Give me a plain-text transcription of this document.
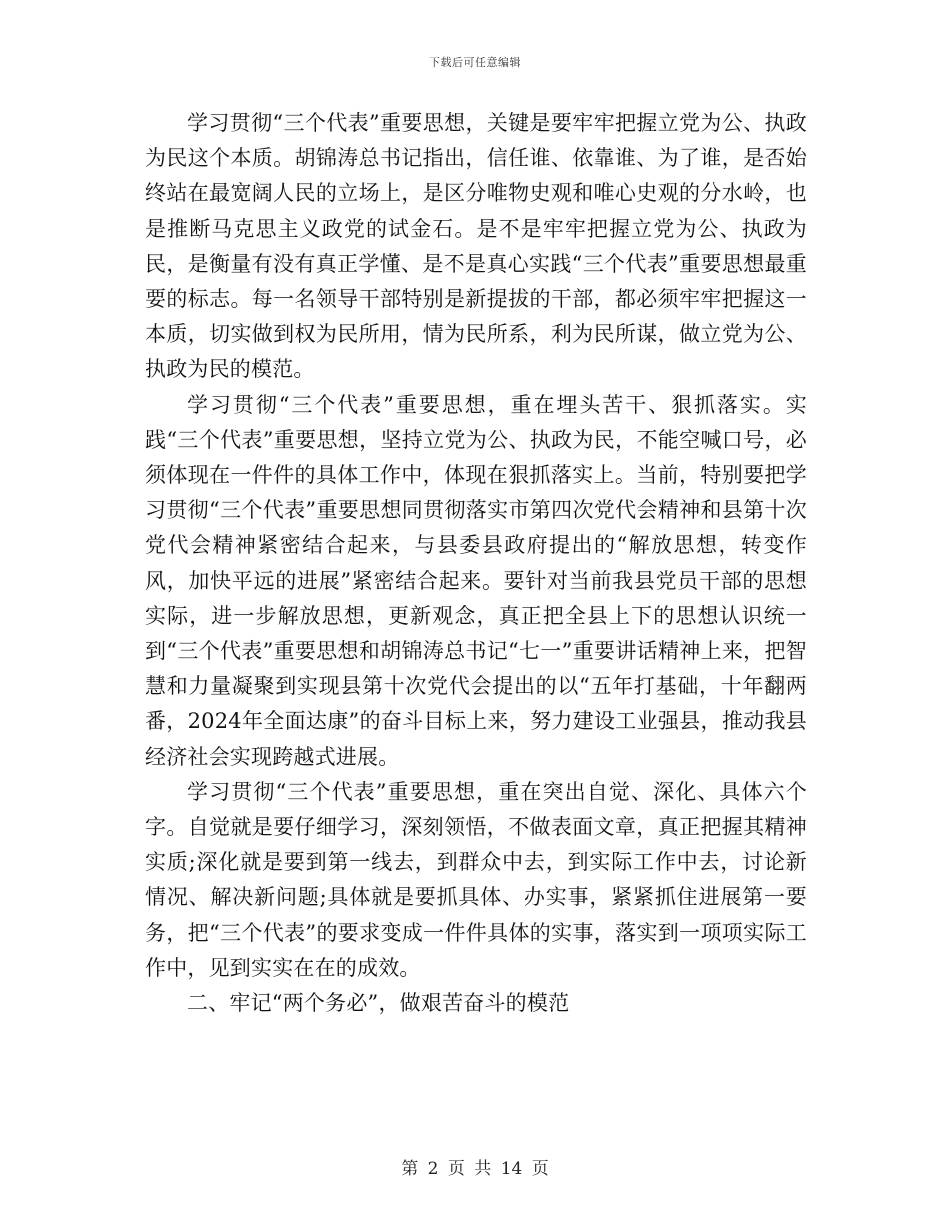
下载后可任意编辑

学习贯彻“三个代表”重要思想，关键是要牢牢把握立党为公、执政为民这个本质。胡锦涛总书记指出，信任谁、依靠谁、为了谁，是否始终站在最宽阔人民的立场上，是区分唯物史观和唯心史观的分水岭，也是推断马克思主义政党的试金石。是不是牢牢把握立党为公、执政为民，是衡量有没有真正学懂、是不是真心实践“三个代表”重要思想最重要的标志。每一名领导干部特别是新提拔的干部，都必须牢牢把握这一本质，切实做到权为民所用，情为民所系，利为民所谋，做立党为公、执政为民的模范。

学习贯彻“三个代表”重要思想，重在埋头苦干、狠抓落实。实践“三个代表”重要思想，坚持立党为公、执政为民，不能空喊口号，必须体现在一件件的具体工作中，体现在狠抓落实上。当前，特别要把学习贯彻“三个代表”重要思想同贯彻落实市第四次党代会精神和县第十次党代会精神紧密结合起来，与县委县政府提出的“解放思想，转变作风，加快平远的进展”紧密结合起来。要针对当前我县党员干部的思想实际，进一步解放思想，更新观念，真正把全县上下的思想认识统一到“三个代表”重要思想和胡锦涛总书记“七一”重要讲话精神上来，把智慧和力量凝聚到实现县第十次党代会提出的以“五年打基础，十年翻两番，2024年全面达康”的奋斗目标上来，努力建设工业强县，推动我县经济社会实现跨越式进展。

学习贯彻“三个代表”重要思想，重在突出自觉、深化、具体六个字。自觉就是要仔细学习，深刻领悟，不做表面文章，真正把握其精神实质;深化就是要到第一线去，到群众中去，到实际工作中去，讨论新情况、解决新问题;具体就是要抓具体、办实事，紧紧抓住进展第一要务，把“三个代表”的要求变成一件件具体的实事，落实到一项项实际工作中，见到实实在在的成效。

二、牢记“两个务必”，做艰苦奋斗的模范

第 2 页 共 14 页
